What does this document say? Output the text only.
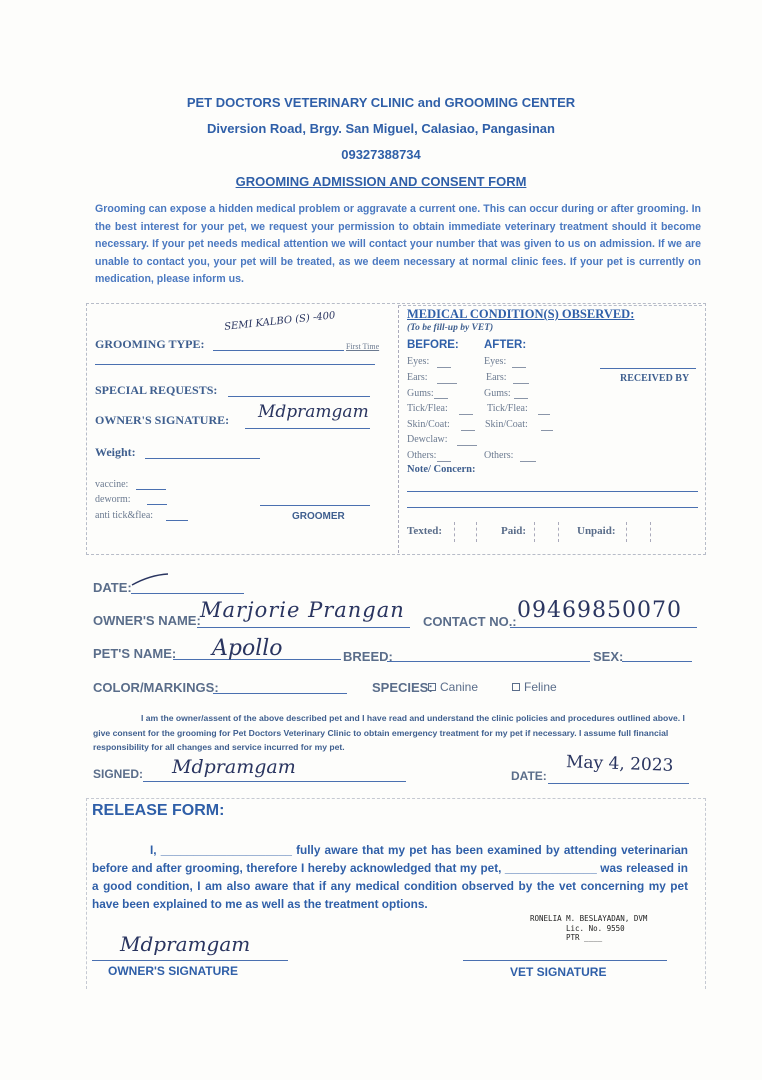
PET DOCTORS VETERINARY CLINIC and GROOMING CENTER
Diversion Road, Brgy. San Miguel, Calasiao, Pangasinan
09327388734
GROOMING ADMISSION AND CONSENT FORM
Grooming can expose a hidden medical problem or aggravate a current one. This can occur during or after grooming. In the best interest for your pet, we request your permission to obtain immediate veterinary treatment should it become necessary. If your pet needs medical attention we will contact your number that was given to us on admission. If we are unable to contact you, your pet will be treated, as we deem necessary at normal clinic fees. If your pet is currently on medication, please inform us.
GROOMING TYPE:
SEMI KALBO (S) -400
First Time
SPECIAL REQUESTS:
OWNER'S SIGNATURE: Mdpramgam
Weight:
vaccine:
deworm:
anti tick&flea:	GROOMER
MEDICAL CONDITION(S) OBSERVED:
(To be fill-up by VET)
BEFORE: AFTER:
Eyes:	Eyes:
Ears:	Ears:
Gums:	Gums:
Tick/Flea:	Tick/Flea:
Skin/Coat:	Skin/Coat:
Dewclaw:
Others:	Others:
RECEIVED BY
Note/ Concern:
Texted:	Paid:	Unpaid:
DATE:
OWNER'S NAME: Marjorie Prangan CONTACT NO.: 09469850070
PET'S NAME: Apollo	BREED:	SEX:
COLOR/MARKINGS:	SPECIES: Canine	Feline
I am the owner/assent of the above described pet and I have read and understand the clinic policies and procedures outlined above. I give consent for the grooming for Pet Doctors Veterinary Clinic to obtain emergency treatment for my pet if necessary. I assume full financial responsibility for all changes and service incurred for my pet.
SIGNED: Mdpramgam	DATE:
May 4, 2023
RELEASE FORM:
I, ____________________ fully aware that my pet has been examined by attending veterinarian before and after grooming, therefore I hereby acknowledged that my pet, ______________ was released in a good condition, I am also aware that if any medical condition observed by the vet concerning my pet have been explained to me as well as the treatment options.
RONELIA M. BESLAYADAN, DVM
Lic. No. 9550
PTR ____
Mdpramgam
OWNER'S SIGNATURE	VET SIGNATURE
